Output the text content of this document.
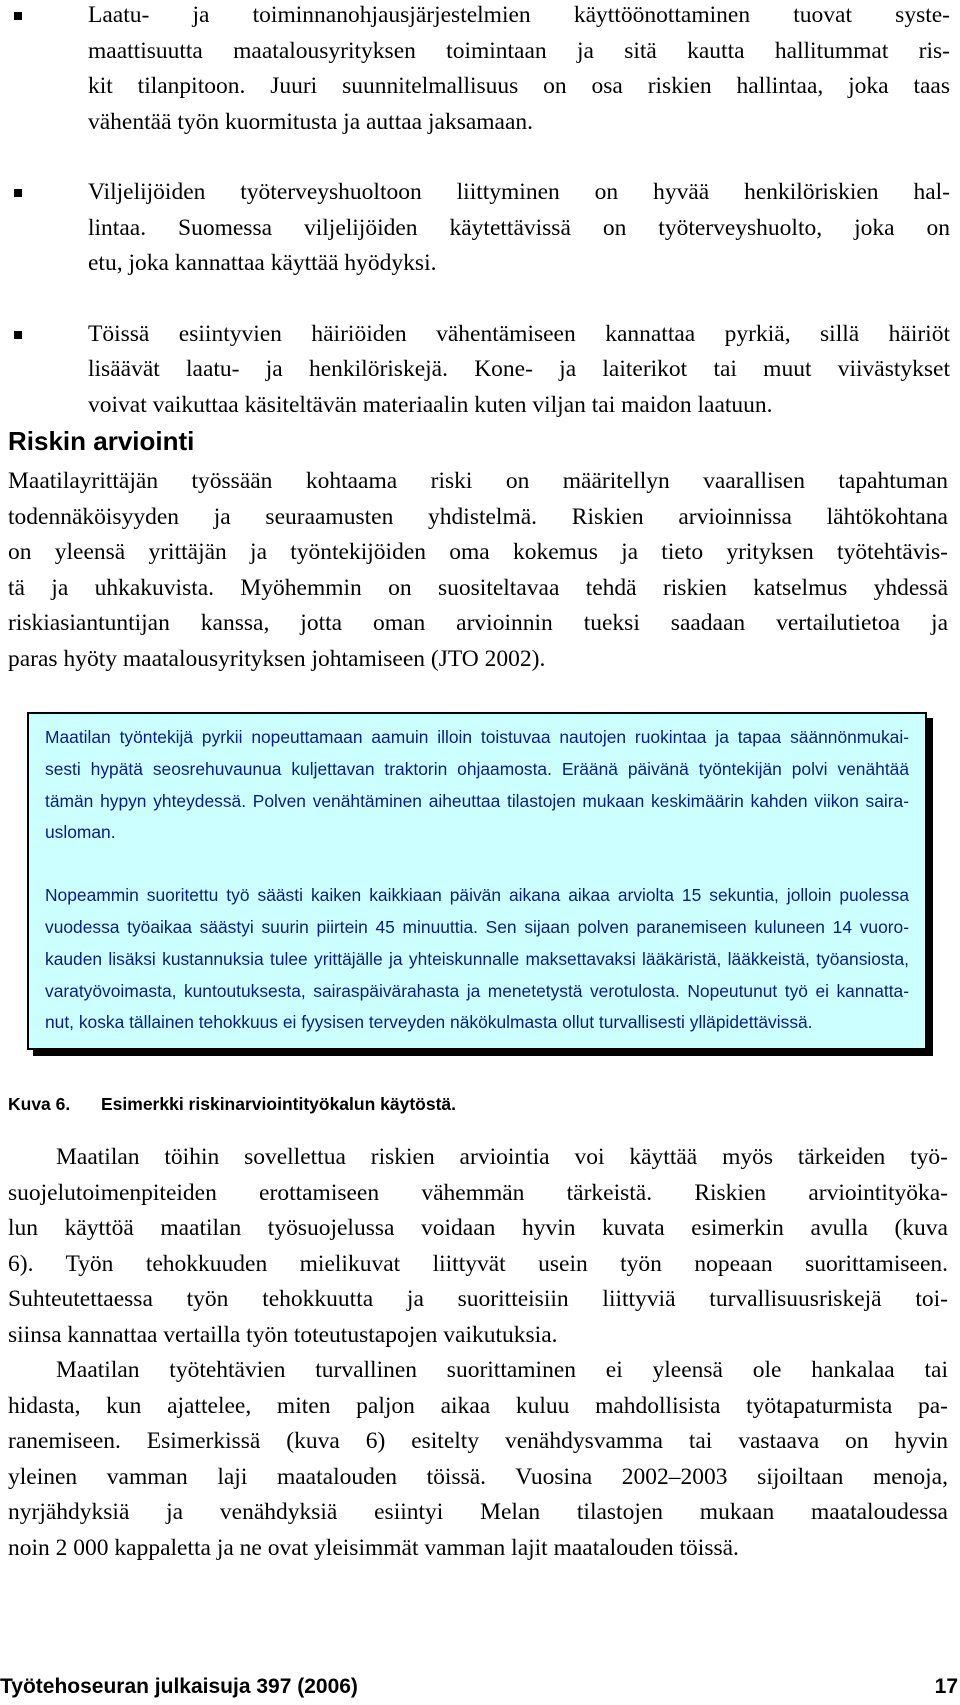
Laatu- ja toiminnanohjausjärjestelmien käyttöönottaminen tuovat syste-
maattisuutta maatalousyrityksen toimintaan ja sitä kautta hallitummat ris-
kit tilanpitoon. Juuri suunnitelmallisuus on osa riskien hallintaa, joka taas
vähentää työn kuormitusta ja auttaa jaksamaan.
Viljelijöiden työterveyshuoltoon liittyminen on hyvää henkilöriskien hal-
lintaa. Suomessa viljelijöiden käytettävissä on työterveyshuolto, joka on
etu, joka kannattaa käyttää hyödyksi.
Töissä esiintyvien häiriöiden vähentämiseen kannattaa pyrkiä, sillä häiriöt
lisäävät laatu- ja henkilöriskejä. Kone- ja laiterikot tai muut viivästykset
voivat vaikuttaa käsiteltävän materiaalin kuten viljan tai maidon laatuun.
Riskin arviointi

Maatilayrittäjän työssään kohtaama riski on määritellyn vaarallisen tapahtuman
todennäköisyyden ja seuraamusten yhdistelmä. Riskien arvioinnissa lähtökohtana
on yleensä yrittäjän ja työntekijöiden oma kokemus ja tieto yrityksen työtehtävis-
tä ja uhkakuvista. Myöhemmin on suositeltavaa tehdä riskien katselmus yhdessä
riskiasiantuntijan kanssa, jotta oman arvioinnin tueksi saadaan vertailutietoa ja
paras hyöty maatalousyrityksen johtamiseen (JTO 2002).

Maatilan työntekijä pyrkii nopeuttamaan aamuin illoin toistuvaa nautojen ruokintaa ja tapaa säännönmukai-
sesti hypätä seosrehuvaunua kuljettavan traktorin ohjaamosta. Eräänä päivänä työntekijän polvi venähtää
tämän hypyn yhteydessä. Polven venähtäminen aiheuttaa tilastojen mukaan keskimäärin kahden viikon saira-
usloman.

Nopeammin suoritettu työ säästi kaiken kaikkiaan päivän aikana aikaa arviolta 15 sekuntia, jolloin puolessa
vuodessa työaikaa säästyi suurin piirtein 45 minuuttia. Sen sijaan polven paranemiseen kuluneen 14 vuoro-
kauden lisäksi kustannuksia tulee yrittäjälle ja yhteiskunnalle maksettavaksi lääkäristä, lääkkeistä, työansiosta,
varatyövoimasta, kuntoutuksesta, sairaspäivärahasta ja menetetystä verotulosta. Nopeutunut työ ei kannatta-
nut, koska tällainen tehokkuus ei fyysisen terveyden näkökulmasta ollut turvallisesti ylläpidettävissä.

Kuva 6. Esimerkki riskinarviointityökalun käytöstä.

Maatilan töihin sovellettua riskien arviointia voi käyttää myös tärkeiden työ-
suojelutoimenpiteiden erottamiseen vähemmän tärkeistä. Riskien arviointityöka-
lun käyttöä maatilan työsuojelussa voidaan hyvin kuvata esimerkin avulla (kuva
6). Työn tehokkuuden mielikuvat liittyvät usein työn nopeaan suorittamiseen.
Suhteutettaessa työn tehokkuutta ja suoritteisiin liittyviä turvallisuusriskejä toi-
siinsa kannattaa vertailla työn toteutustapojen vaikutuksia.

Maatilan työtehtävien turvallinen suorittaminen ei yleensä ole hankalaa tai
hidasta, kun ajattelee, miten paljon aikaa kuluu mahdollisista työtapaturmista pa-
ranemiseen. Esimerkissä (kuva 6) esitelty venähdysvamma tai vastaava on hyvin
yleinen vamman laji maatalouden töissä. Vuosina 2002–2003 sijoiltaan menoja,
nyrjähdyksiä ja venähdyksiä esiintyi Melan tilastojen mukaan maataloudessa
noin 2 000 kappaletta ja ne ovat yleisimmät vamman lajit maatalouden töissä.

Työtehoseuran julkaisuja 397 (2006)	17
